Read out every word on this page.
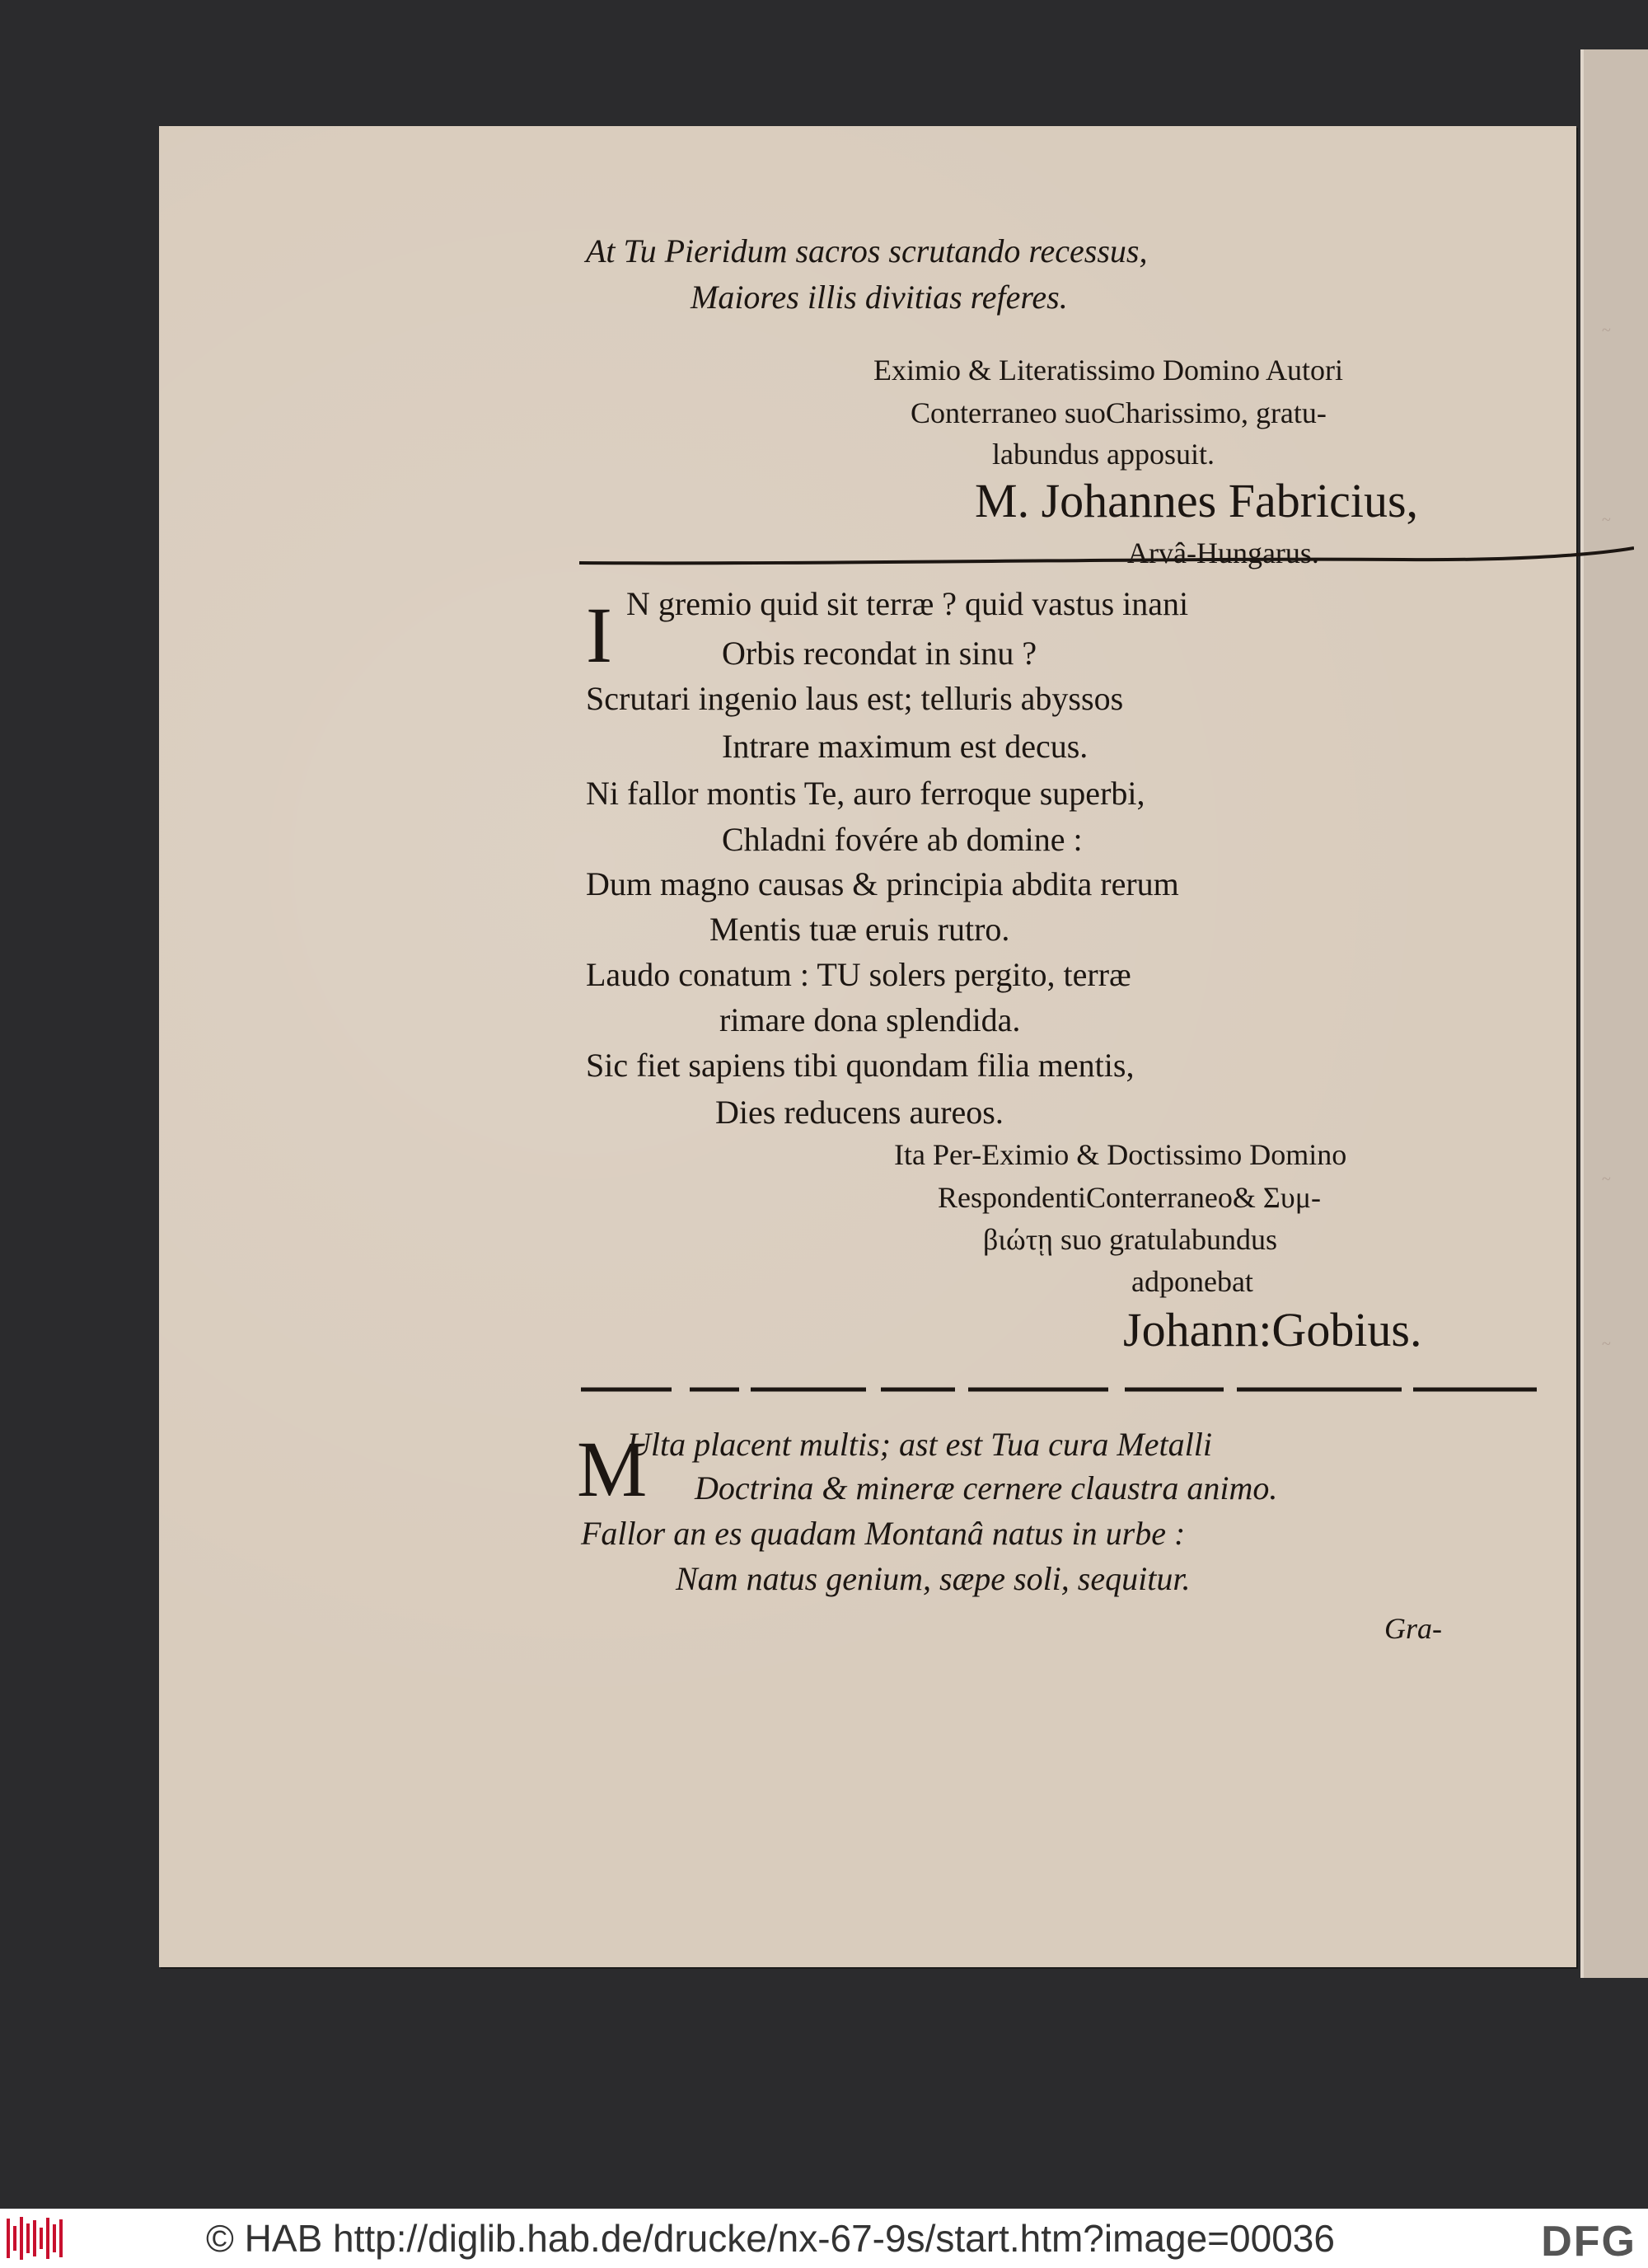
~
~
~
~

At Tu Pieridum sacros scrutando recessus,

Maiores illis divitias referes.

Eximio & Literatissimo Domino Autori

Conterraneo suoCharissimo, gratu-

labundus apposuit.

M. Johannes Fabricius,

Arvâ-Hungarus.

I N gremio quid sit terræ ? quid vastus inani

Orbis recondat in sinu ?

Scrutari ingenio laus est; telluris abyssos

Intrare maximum est decus.

Ni fallor montis Te, auro ferroque superbi,

Chladni fovére ab domine :

Dum magno causas & principia abdita rerum

Mentis tuæ eruis rutro.

Laudo conatum : TU solers pergito, terræ

rimare dona splendida.

Sic fiet sapiens tibi quondam filia mentis,

Dies reducens aureos.

Ita Per-Eximio & Doctissimo Domino

RespondentiConterraneo& Συμ-

βιώτῃ suo gratulabundus

adponebat

Johann:Gobius.

M

Ulta placent multis; ast est Tua cura Metalli

Doctrina & mineræ cernere claustra animo.

Fallor an es quadam Montanâ natus in urbe :

Nam natus genium, sæpe soli, sequitur.

Gra-

© HAB http://diglib.hab.de/drucke/nx-67-9s/start.htm?image=00036	DFG
